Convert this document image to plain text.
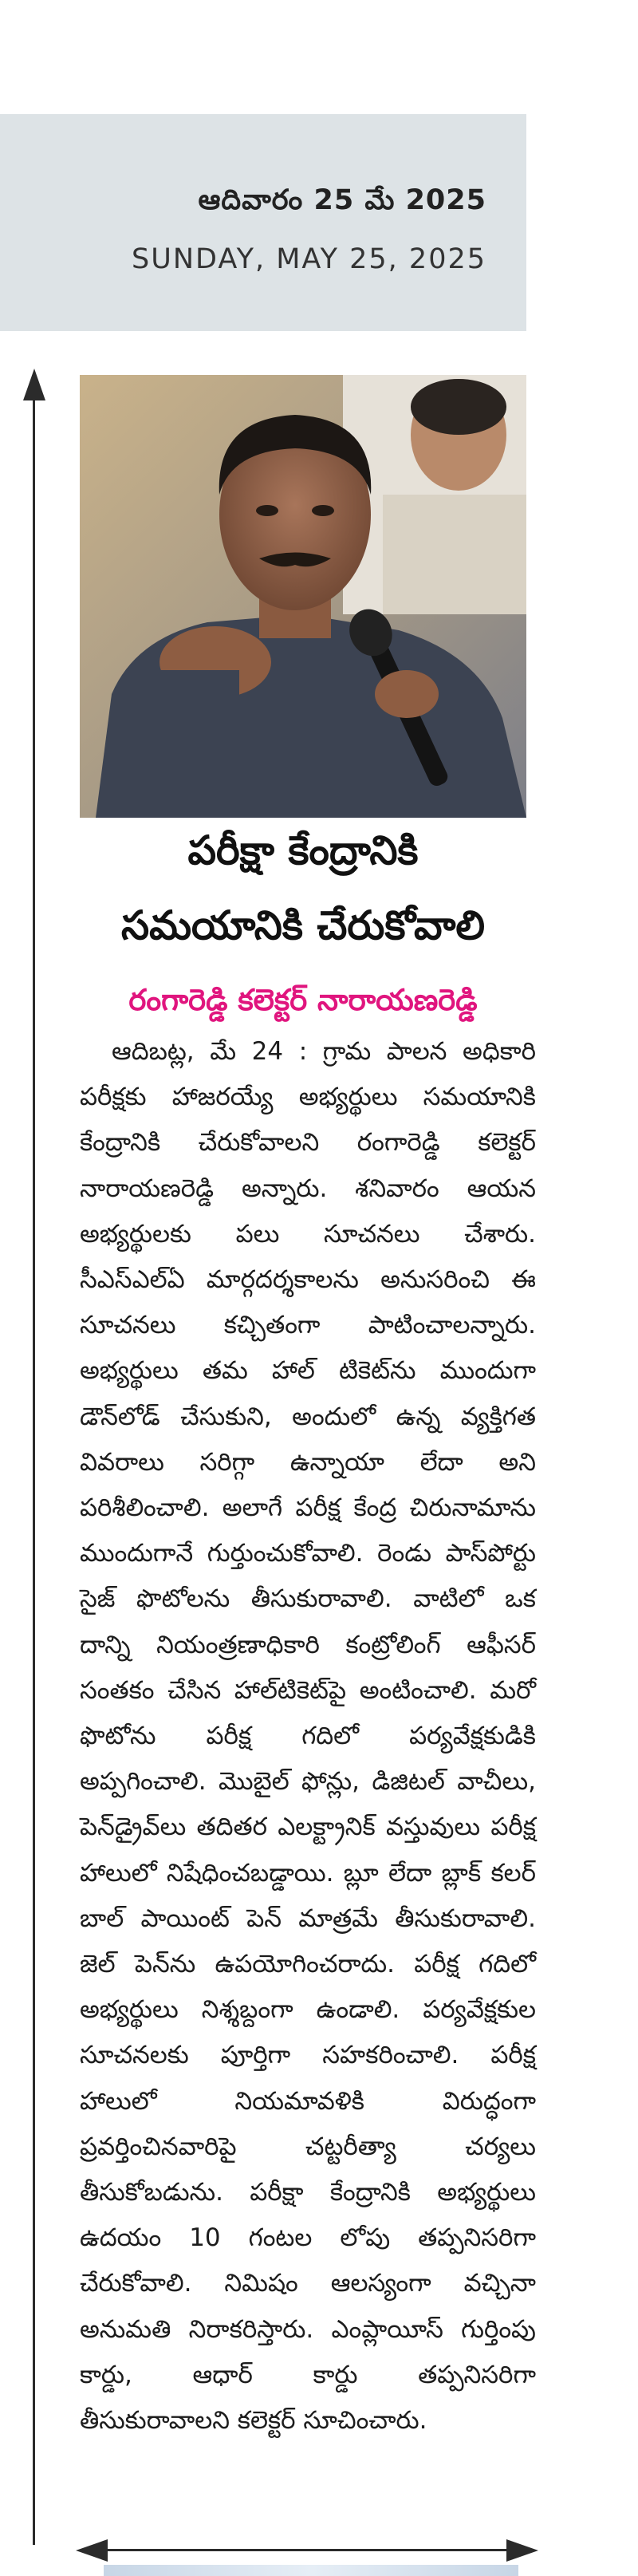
ఆదివారం 25 మే 2025
SUNDAY, MAY 25, 2025
పరీక్షా కేంద్రానికి
సమయానికి చేరుకోవాలి
రంగారెడ్డి కలెక్టర్ నారాయణరెడ్డి
ఆదిబట్ల, మే 24 : గ్రామ పాలన అధికారి పరీక్షకు హాజరయ్యే అభ్యర్థులు సమయానికి కేంద్రానికి చేరుకోవాలని రంగారెడ్డి కలెక్టర్ నారాయణరెడ్డి అన్నారు. శనివారం ఆయన అభ్యర్థులకు పలు సూచనలు చేశారు. సీఎస్ఎల్ఏ మార్గదర్శకాలను అనుసరించి ఈ సూచనలు కచ్చితంగా పాటించాలన్నారు. అభ్యర్థులు తమ హాల్ టికెట్‌ను ముందుగా డౌన్‌లోడ్ చేసుకుని, అందులో ఉన్న వ్యక్తిగత వివరాలు సరిగ్గా ఉన్నాయా లేదా అని పరిశీలించాలి. అలాగే పరీక్ష కేంద్ర చిరునామాను ముందుగానే గుర్తుంచుకోవాలి. రెండు పాస్‌పోర్టు సైజ్ ఫొటోలను తీసుకురావాలి. వాటిలో ఒక దాన్ని నియంత్రణాధికారి కంట్రోలింగ్ ఆఫీసర్ సంతకం చేసిన హాల్‌టికెట్‌పై అంటించాలి. మరో ఫొటోను పరీక్ష గదిలో పర్యవేక్షకుడికి అప్పగించాలి. మొబైల్ ఫోన్లు, డిజిటల్ వాచీలు, పెన్‌డ్రైవ్‌లు తదితర ఎలక్ట్రానిక్ వస్తువులు పరీక్ష హాలులో నిషేధించబడ్డాయి. బ్లూ లేదా బ్లాక్ కలర్ బాల్ పాయింట్ పెన్ మాత్రమే తీసుకురావాలి. జెల్ పెన్‌ను ఉపయోగించరాదు. పరీక్ష గదిలో అభ్యర్థులు నిశ్శబ్దంగా ఉండాలి. పర్యవేక్షకుల సూచనలకు పూర్తిగా సహకరించాలి. పరీక్ష హాలులో నియమావళికి విరుద్ధంగా ప్రవర్తించినవారిపై చట్టరీత్యా చర్యలు తీసుకోబడును. పరీక్షా కేంద్రానికి అభ్యర్థులు ఉదయం 10 గంటల లోపు తప్పనిసరిగా చేరుకోవాలి. నిమిషం ఆలస్యంగా వచ్చినా అనుమతి నిరాకరిస్తారు. ఎంప్లాయీస్ గుర్తింపు కార్డు, ఆధార్ కార్డు తప్పనిసరిగా తీసుకురావాలని కలెక్టర్ సూచించారు.
